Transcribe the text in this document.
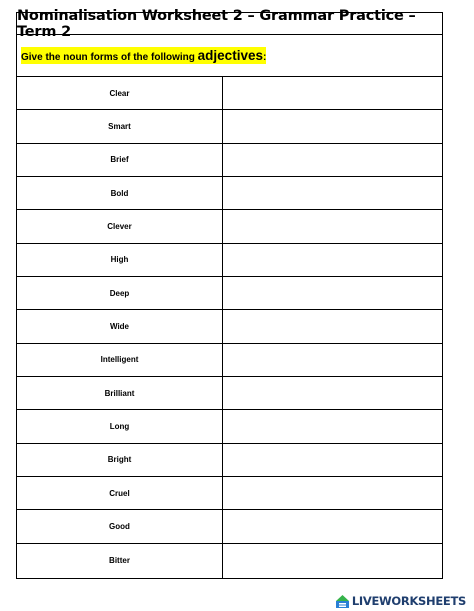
Nominalisation Worksheet 2 – Grammar Practice – Term 2
Give the noun forms of the following adjectives:
Clear
Smart
Brief
Bold
Clever
High
Deep
Wide
Intelligent
Brilliant
Long
Bright
Cruel
Good
Bitter
LIVEWORKSHEETS
